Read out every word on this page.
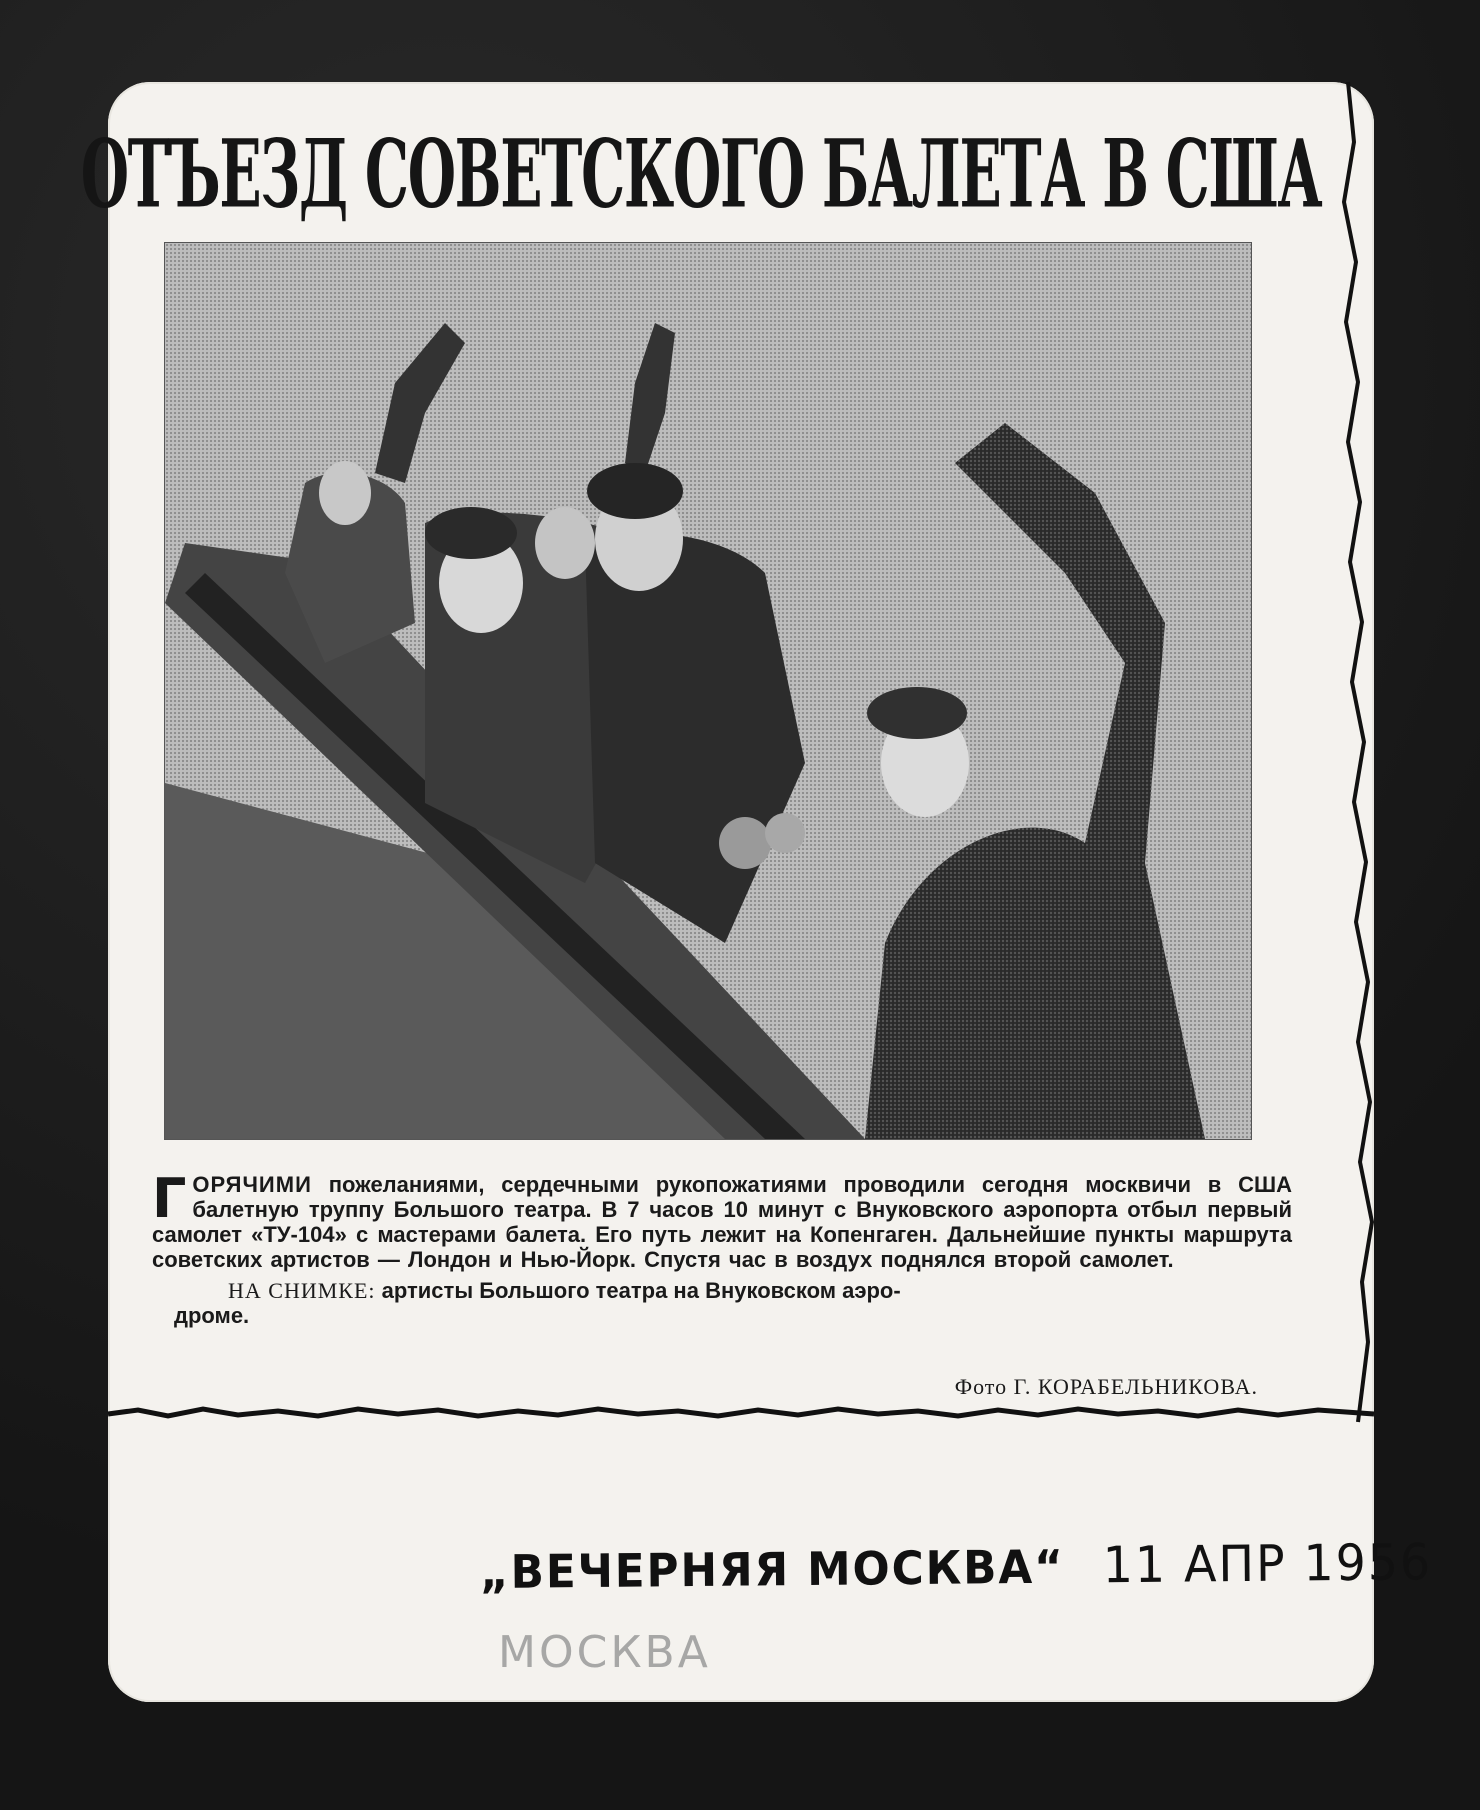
ОТЪЕЗД СОВЕТСКОГО БАЛЕТА В США

ГОРЯЧИМИ пожеланиями, сердечными рукопожатиями проводили сегодня москвичи в США балетную труппу Большого театра. В 7 часов 10 минут с Внуковского аэропорта отбыл первый самолет «ТУ-104» с мастерами балета. Его путь лежит на Копенгаген. Дальнейшие пункты маршрута советских артистов — Лондон и Нью-Йорк. Спустя час в воздух поднялся второй самолет.

НА СНИМКЕ: артисты Большого театра на Внуковском аэро-
дроме.

Фото Г. КОРАБЕЛЬНИКОВА.
„ВЕЧЕРНЯЯ МОСКВА“ 11 АПР 1956
МОСКВА
